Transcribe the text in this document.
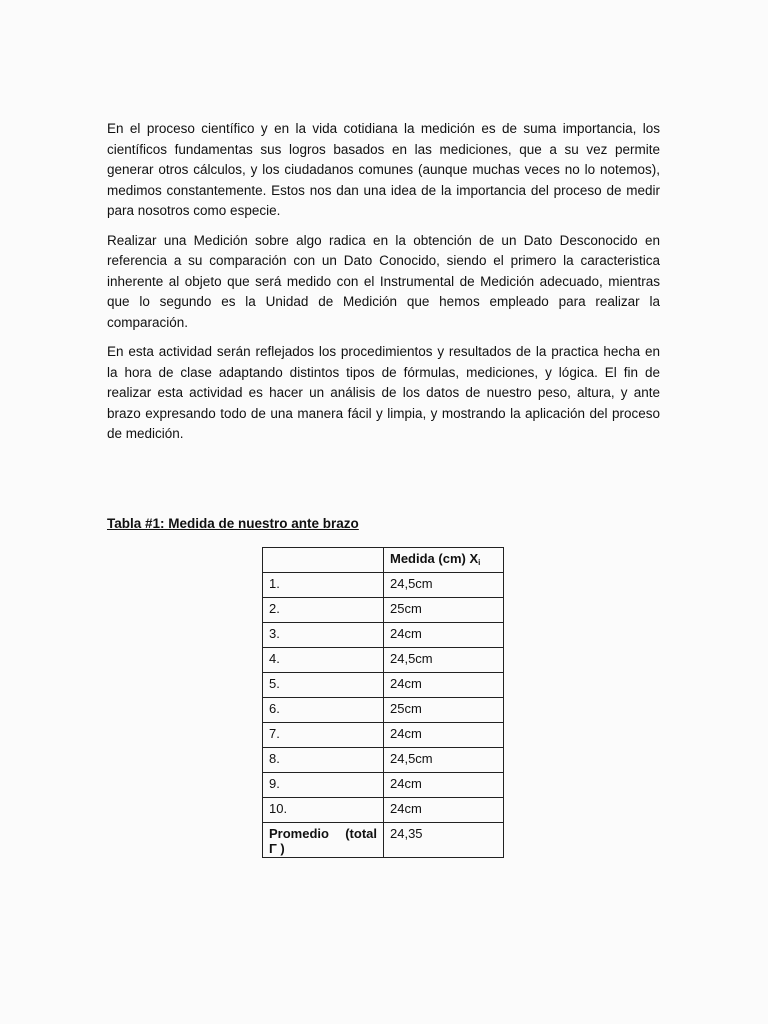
En el proceso científico y en la vida cotidiana la medición es de suma importancia, los científicos fundamentas sus logros basados en las mediciones, que a su vez permite generar otros cálculos, y los ciudadanos comunes (aunque muchas veces no lo notemos), medimos constantemente. Estos nos dan una idea de la importancia del proceso de medir para nosotros como especie.

Realizar una Medición sobre algo radica en la obtención de un Dato Desconocido en referencia a su comparación con un Dato Conocido, siendo el primero la caracteristica inherente al objeto que será medido con el Instrumental de Medición adecuado, mientras que lo segundo es la Unidad de Medición que hemos empleado para realizar la comparación.

En esta actividad serán reflejados los procedimientos y resultados de la practica hecha en la hora de clase adaptando distintos tipos de fórmulas, mediciones, y lógica. El fin de realizar esta actividad es hacer un análisis de los datos de nuestro peso, altura, y ante brazo expresando todo de una manera fácil y limpia, y mostrando la aplicación del proceso de medición.

Tabla #1: Medida de nuestro ante brazo

	Medida (cm) $X_i$
1.	24,5cm
2.	25cm
3.	24cm
4.	24,5cm
5.	24cm
6.	25cm
7.	24cm
8.	24,5cm
9.	24cm
10.	24cm

Promedio (total
Γ )	24,35
